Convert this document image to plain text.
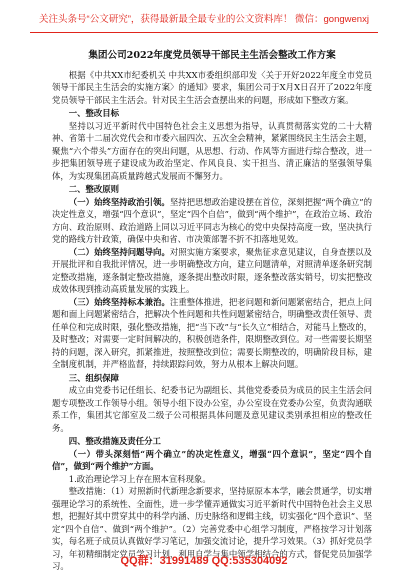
关注头条号“公文研究”，获得最新最全最专业的公文资料库！ 微信：gongwenxj
集团公司2022年度党员领导干部民主生活会整改工作方案

根据《中共XX市纪委机关 中共XX市委组织部印发〈关于开好2022年度全市党员领导干部民主生活会的实施方案〉的通知》要求，集团公司于X月X日召开了2022年度党员领导干部民主生活会。针对民主生活会查摆出来的问题，形成如下整改方案。

一、整改目标

坚持以习近平新时代中国特色社会主义思想为指导，认真贯彻落实党的二十大精神、省第十二届次党代会和市委六届四次、五次全会精神，紧紧围绕民主生活会主题，聚焦“六个带头”方面存在的突出问题，从思想、行动、作风等方面进行综合整改，进一步把集团领导班子建设成为政治坚定、作风良良、实干担当、清正廉洁的坚强领导集体，为实现集团高质量跨越式发展而不懈努力。

二、整改原则

（一）始终坚持政治引领。坚持把思想政治建设摆在首位，深刻把握“两个确立”的决定性意义，增强“四个意识”，坚定“四个自信”，做到“两个维护”，在政治立场、政治方向、政治原则、政治道路上同以习近平同志为核心的党中央保持高度一致，坚决执行党的路线方针政策，确保中央和省、市决策部署不折不扣落地见效。

（二）始终坚持问题导向。对照实施方案要求，聚焦征求意见建议，自身查摆以及开展批评和自我批评情况，进一步明确整改方向，建立问题清单，对照清单逐条研究制定整改措施，逐条制定整改措施，逐条提出整改时限，逐条整改落实销号，切实把整改成效体现到推动高质量发展的实践上。

（三）始终坚持标本兼治。注重整体推进，把老问题和新问题紧密结合，把点上问题和面上问题紧密结合，把解决个性问题和共性问题紧密结合，明确整改责任领导、责任单位和完成时限，强化整改措施，把“当下改”与“长久立”相结合，对能马上整改的，及时整改；对需要一定时间解决的，积极创造条件，限期整改到位。对一些需要长期坚持的问题，深入研究，抓紧推进，按照整改到位；需要长期整改的，明确阶段目标，建全制度机制，并严格监督，持续跟踪问效，努力从根本上解决问题。

三、组织保障

成立由党委书记任组长、纪委书记为副组长、其他党委委员为成员的民主生活会问题专项整改工作领导小组。领导小组下设办公室，办公室设在党委办公室，负责沟通联系工作，集团其它部室及二级子公司根据具体问题及意见建议类别承担相应的整改任务。

四、整改措施及责任分工

（一）带头深刻悟“两个确立”的决定性意义，增强“四个意识”，坚定“四个自信”，做到“两个维护”方面。

1.政治理论学习上存在照本宣科现象。

整改措施：（1）对照新时代新理念新要求，坚持原原本本学，融会贯通学，切实增强理论学习的系统性、全面性，进一步学懂弄通做实习近平新时代中国特色社会主义思想，把握好其中贯穿其中的科学内涵、历史脉络和逻辑主线，切实强化“四个意识”、坚定“四个自信”、做到“两个维护”。（2）完善党委中心组学习制度，严格按学习计划落实，每名班子成员认真做好学习笔记，加强交流讨论，提升学习效果。（3）抓好党员学习，年初精细制定党员学习计划，利用自学与集中领学相结合的方式，督促党员加强学习。	QQ群：31991489 QQ:535304092
